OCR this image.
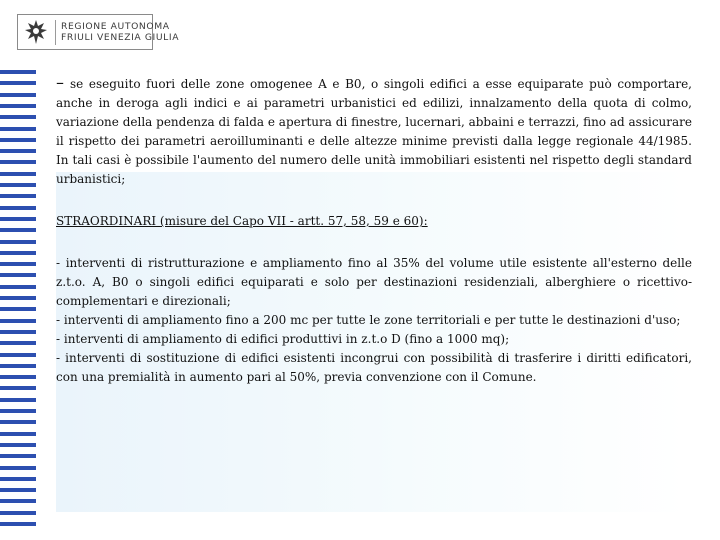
REGIONE AUTONOMA
FRIULI VENEZIA GIULIA
– se eseguito fuori delle zone omogenee A e B0, o singoli edifici a esse equiparate può comportare, anche in deroga agli indici e ai parametri urbanistici ed edilizi, innalzamento della quota di colmo, variazione della pendenza di falda e apertura di finestre, lucernari, abbaini e terrazzi, fino ad assicurare il rispetto dei parametri aeroilluminanti e delle altezze minime previsti dalla legge regionale 44/1985. In tali casi è possibile l'aumento del numero delle unità immobiliari esistenti nel rispetto degli standard urbanistici;
STRAORDINARI (misure del Capo VII - artt. 57, 58, 59 e 60):

- interventi di ristrutturazione e ampliamento fino al 35% del volume utile esistente all'esterno delle z.t.o. A, B0 o singoli edifici equiparati e solo per destinazioni residenziali, alberghiere o ricettivo-complementari e direzionali;

- interventi di ampliamento fino a 200 mc per tutte le zone territoriali e per tutte le destinazioni d'uso;

- interventi di ampliamento di edifici produttivi in z.t.o D (fino a 1000 mq);

- interventi di sostituzione di edifici esistenti incongrui con possibilità di trasferire i diritti edificatori, con una premialità in aumento pari al 50%, previa convenzione con il Comune.
